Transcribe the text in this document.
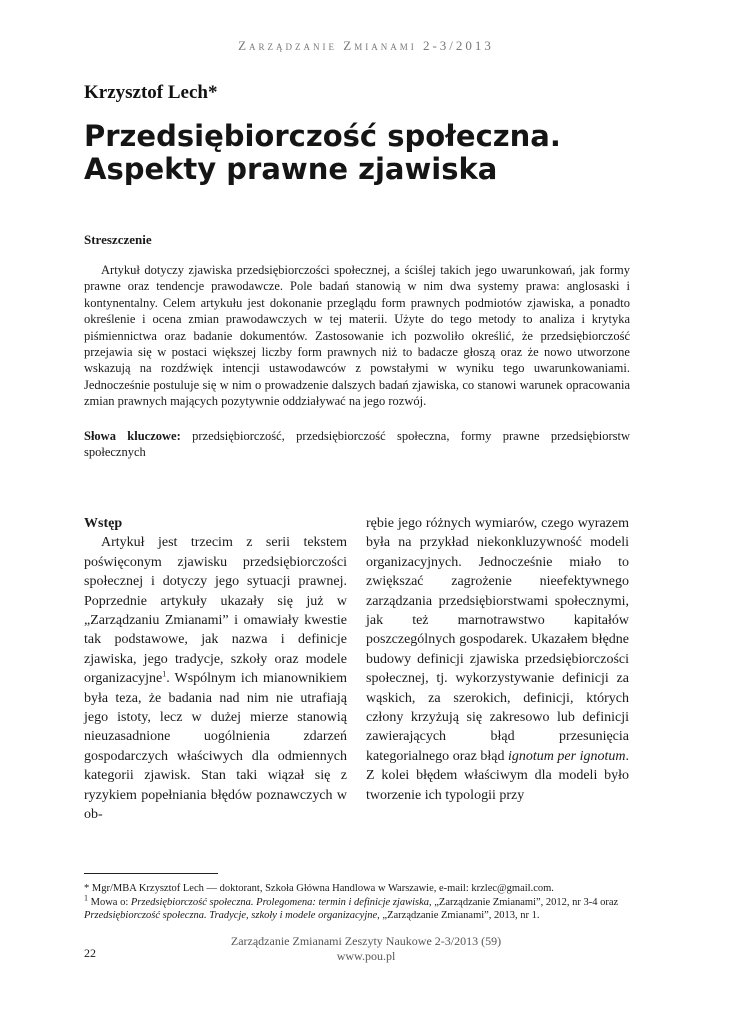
Zarządzanie Zmianami 2-3/2013
Krzysztof Lech*
Przedsiębiorczość społeczna. Aspekty prawne zjawiska
Streszczenie

Artykuł dotyczy zjawiska przedsiębiorczości społecznej, a ściślej takich jego uwarunkowań, jak formy prawne oraz tendencje prawodawcze. Pole badań stanowią w nim dwa systemy prawa: anglosaski i kontynentalny. Celem artykułu jest dokonanie przeglądu form prawnych podmiotów zjawiska, a ponadto określenie i ocena zmian prawodawczych w tej materii. Użyte do tego metody to analiza i krytyka piśmiennictwa oraz badanie dokumentów. Zastosowanie ich pozwoliło określić, że przedsiębiorczość przejawia się w postaci większej liczby form prawnych niż to badacze głoszą oraz że nowo utworzone wskazują na rozdźwięk intencji ustawodawców z powstałymi w wyniku tego uwarunkowaniami. Jednocześnie postuluje się w nim o prowadzenie dalszych badań zjawiska, co stanowi warunek opracowania zmian prawnych mających pozytywnie oddziaływać na jego rozwój.

Słowa kluczowe: przedsiębiorczość, przedsiębiorczość społeczna, formy prawne przedsiębiorstw społecznych

Wstęp

Artykuł jest trzecim z serii tekstem poświęconym zjawisku przedsiębiorczości społecznej i dotyczy jego sytuacji prawnej. Poprzednie artykuły ukazały się już w „Zarządzaniu Zmianami” i omawiały kwestie tak podstawowe, jak nazwa i definicje zjawiska, jego tradycje, szkoły oraz modele organizacyjne$^1$. Wspólnym ich mianownikiem była teza, że badania nad nim nie utrafiają jego istoty, lecz w dużej mierze stanowią nieuzasadnione uogólnienia zdarzeń gospodarczych właściwych dla odmiennych kategorii zjawisk. Stan taki wiązał się z ryzykiem popełniania błędów poznawczych w ob-

rębie jego różnych wymiarów, czego wyrazem była na przykład niekonkluzywność modeli organizacyjnych. Jednocześnie miało to zwiększać zagrożenie nieefektywnego zarządzania przedsiębiorstwami społecznymi, jak też marnotrawstwo kapitałów poszczególnych gospodarek. Ukazałem błędne budowy definicji zjawiska przedsiębiorczości społecznej, tj. wykorzystywanie definicji za wąskich, za szerokich, definicji, których człony krzyżują się zakresowo lub definicji zawierających błąd przesunięcia kategorialnego oraz błąd ignotum per ignotum. Z kolei błędem właściwym dla modeli było tworzenie ich typologii przy

* Mgr/MBA Krzysztof Lech — doktorant, Szkoła Główna Handlowa w Warszawie, e-mail: krzlec@gmail.com.

$^1$ Mowa o: Przedsiębiorczość społeczna. Prolegomena: termin i definicje zjawiska, „Zarządzanie Zmianami”, 2012, nr 3-4 oraz Przedsiębiorczość społeczna. Tradycje, szkoły i modele organizacyjne, „Zarządzanie Zmianami”, 2013, nr 1.

22
Zarządzanie Zmianami Zeszyty Naukowe 2-3/2013 (59)
www.pou.pl
